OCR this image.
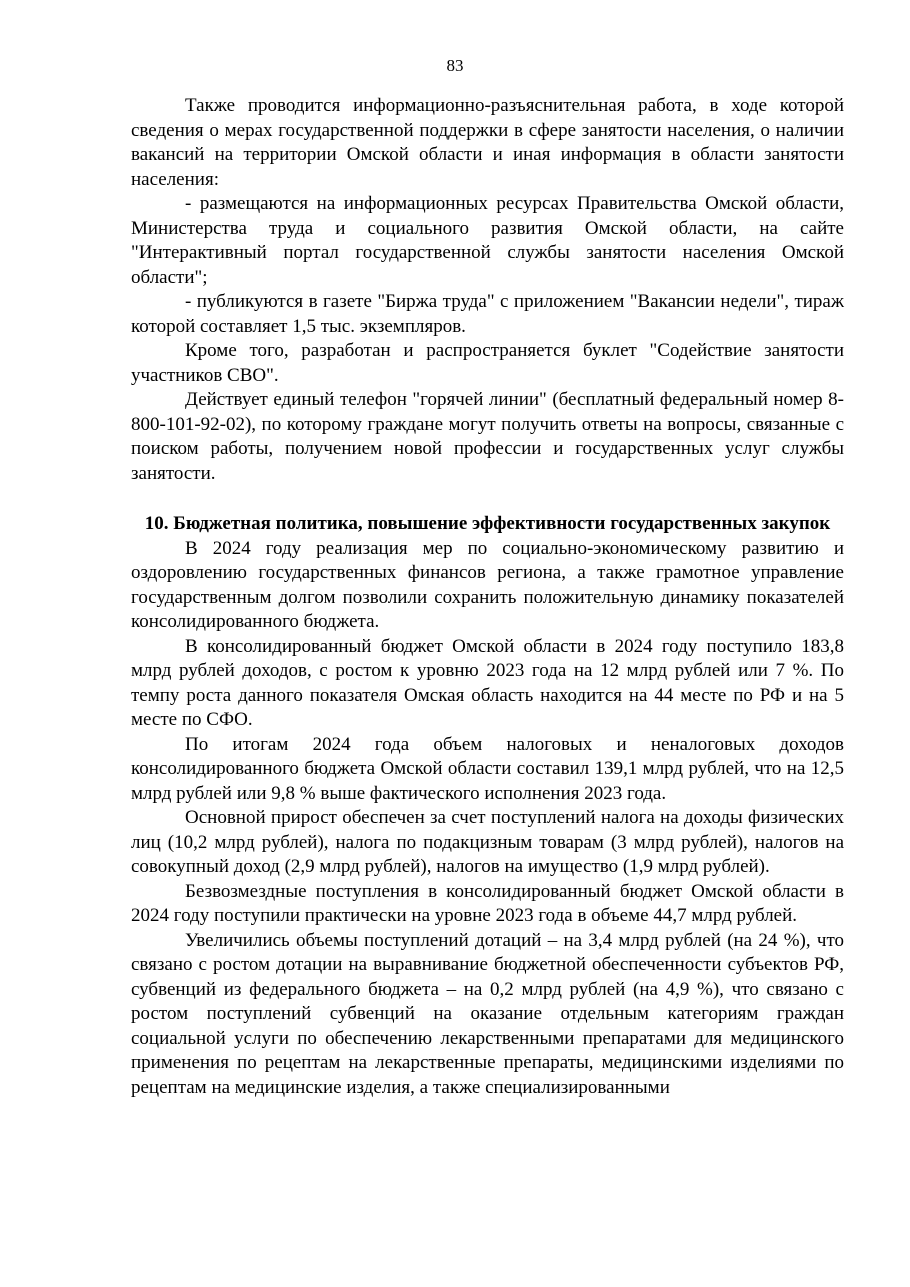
83

Также проводится информационно-разъяснительная работа, в ходе которой сведения о мерах государственной поддержки в сфере занятости населения, о наличии вакансий на территории Омской области и иная информация в области занятости населения:

- размещаются на информационных ресурсах Правительства Омской области, Министерства труда и социального развития Омской области, на сайте "Интерактивный портал государственной службы занятости населения Омской области";

- публикуются в газете "Биржа труда" с приложением "Вакансии недели", тираж которой составляет 1,5 тыс. экземпляров.

Кроме того, разработан и распространяется буклет "Содействие занятости участников СВО".

Действует единый телефон "горячей линии" (бесплатный федеральный номер 8-800-101-92-02), по которому граждане могут получить ответы на вопросы, связанные с поиском работы, получением новой профессии и государственных услуг службы занятости.

10. Бюджетная политика, повышение эффективности государственных закупок

В 2024 году реализация мер по социально-экономическому развитию и оздоровлению государственных финансов региона, а также грамотное управление государственным долгом позволили сохранить положительную динамику показателей консолидированного бюджета.

В консолидированный бюджет Омской области в 2024 году поступило 183,8 млрд рублей доходов, с ростом к уровню 2023 года на 12 млрд рублей или 7 %. По темпу роста данного показателя Омская область находится на 44 месте по РФ и на 5 месте по СФО.

По итогам 2024 года объем налоговых и неналоговых доходов консолидированного бюджета Омской области составил 139,1 млрд рублей, что на 12,5 млрд рублей или 9,8 % выше фактического исполнения 2023 года.

Основной прирост обеспечен за счет поступлений налога на доходы физических лиц (10,2 млрд рублей), налога по подакцизным товарам (3 млрд рублей), налогов на совокупный доход (2,9 млрд рублей), налогов на имущество (1,9 млрд рублей).

Безвозмездные поступления в консолидированный бюджет Омской области в 2024 году поступили практически на уровне 2023 года в объеме 44,7 млрд рублей.

Увеличились объемы поступлений дотаций – на 3,4 млрд рублей (на 24 %), что связано с ростом дотации на выравнивание бюджетной обеспеченности субъектов РФ, субвенций из федерального бюджета – на 0,2 млрд рублей (на 4,9 %), что связано с ростом поступлений субвенций на оказание отдельным категориям граждан социальной услуги по обеспечению лекарственными препаратами для медицинского применения по рецептам на лекарственные препараты, медицинскими изделиями по рецептам на медицинские изделия, а также специализированными
